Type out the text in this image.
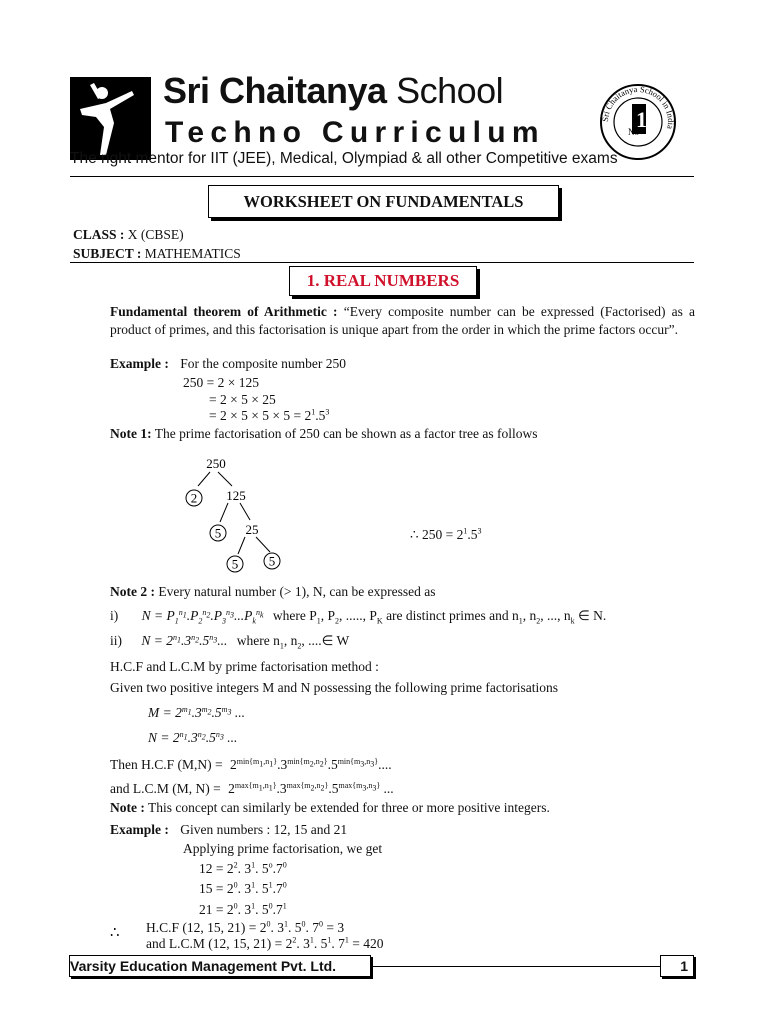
Sri Chaitanya School
Techno Curriculum	Sri Chaitanya School in India
No
1
The right mentor for IIT (JEE), Medical, Olympiad & all other Competitive exams
WORKSHEET ON FUNDAMENTALS
CLASS : X (CBSE)
SUBJECT : MATHEMATICS
1. REAL NUMBERS
Fundamental theorem of Arithmetic : “Every composite number can be expressed (Factorised) as a product of primes, and this factorisation is unique apart from the order in which the prime factors occur”.
Example : For the composite number 250
250 = 2 × 125
= 2 × 5 × 25
= $2 \times 5 \times 5 \times 5 = 2^1.5^3$
Note 1: The prime factorisation of 250 can be shown as a factor tree as follows
250
2 125
5 25
5 5
∴ $250 = 2^1.5^3$
Note 2 : Every natural number (> 1), N, can be expressed as
i) $N = P_1^{n_1}.P_2^{n_2}.P_3^{n_3}...P_k^{n_k}$ where $P_1$, $P_2$, ....., $P_K$ are distinct primes and $n_1$, $n_2$, ..., $n_k$ ∈ N.
ii) $N = 2^{n_1}.3^{n_2}.5^{n_3}$... where $n_1$, $n_2$, ....∈ W
H.C.F and L.C.M by prime factorisation method :
Given two positive integers M and N possessing the following prime factorisations
$M = 2^{m_1}.3^{m_2}.5^{m_3}$ ...
$N = 2^{n_1}.3^{n_2}.5^{n_3}$ ...
Then H.C.F $(M,N) = 2^{min\{m_1,n_1\}}.3^{min\{m_2,n_2\}}.5^{min\{m_3,n_3\}}$....
and L.C.M (M, $N) = 2^{max\{m_1,n_1\}}.3^{max\{m_2,n_2\}}.5^{max\{m_3,n_3\}}$ ...
Note : This concept can similarly be extended for three or more positive integers.
Example : Given numbers : 12, 15 and 21
Applying prime factorisation, we get
$12 = 2^2$. $3^1$. $5^o.7^0$
$15 = 2^0$. $3^1$. $5^1.7^0$
$21 = 2^0$. $3^1$. $5^0.7^1$
∴ H.C.F (12, 15, $21) = 2^0$. $3^1$. $5^0$. $7^0 = 3$
and L.C.M (12, 15, $21) = 2^2$. $3^1$. $5^1$. $7^1 = 420$
Varsity Education Management Pvt. Ltd.	1
